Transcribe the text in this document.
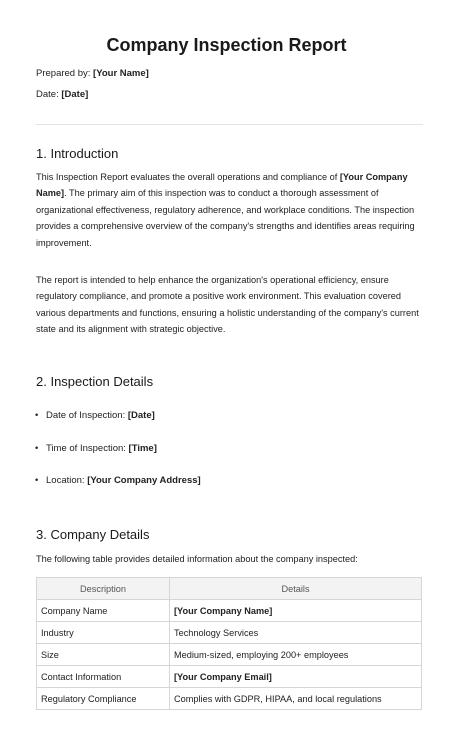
Company Inspection Report
Prepared by: [Your Name]
Date: [Date]
1. Introduction

This Inspection Report evaluates the overall operations and compliance of [Your Company Name]. The primary aim of this inspection was to conduct a thorough assessment of organizational effectiveness, regulatory adherence, and workplace conditions. The inspection provides a comprehensive overview of the company's strengths and identifies areas requiring improvement.

The report is intended to help enhance the organization's operational efficiency, ensure regulatory compliance, and promote a positive work environment. This evaluation covered various departments and functions, ensuring a holistic understanding of the company's current state and its alignment with strategic objective.

2. Inspection Details
• Date of Inspection: [Date]
• Time of Inspection: [Time]
• Location: [Your Company Address]
3. Company Details

The following table provides detailed information about the company inspected:

Description	Details
Company Name	[Your Company Name]
Industry	Technology Services
Size	Medium-sized, employing 200+ employees
Contact Information	[Your Company Email]
Regulatory Compliance	Complies with GDPR, HIPAA, and local regulations
